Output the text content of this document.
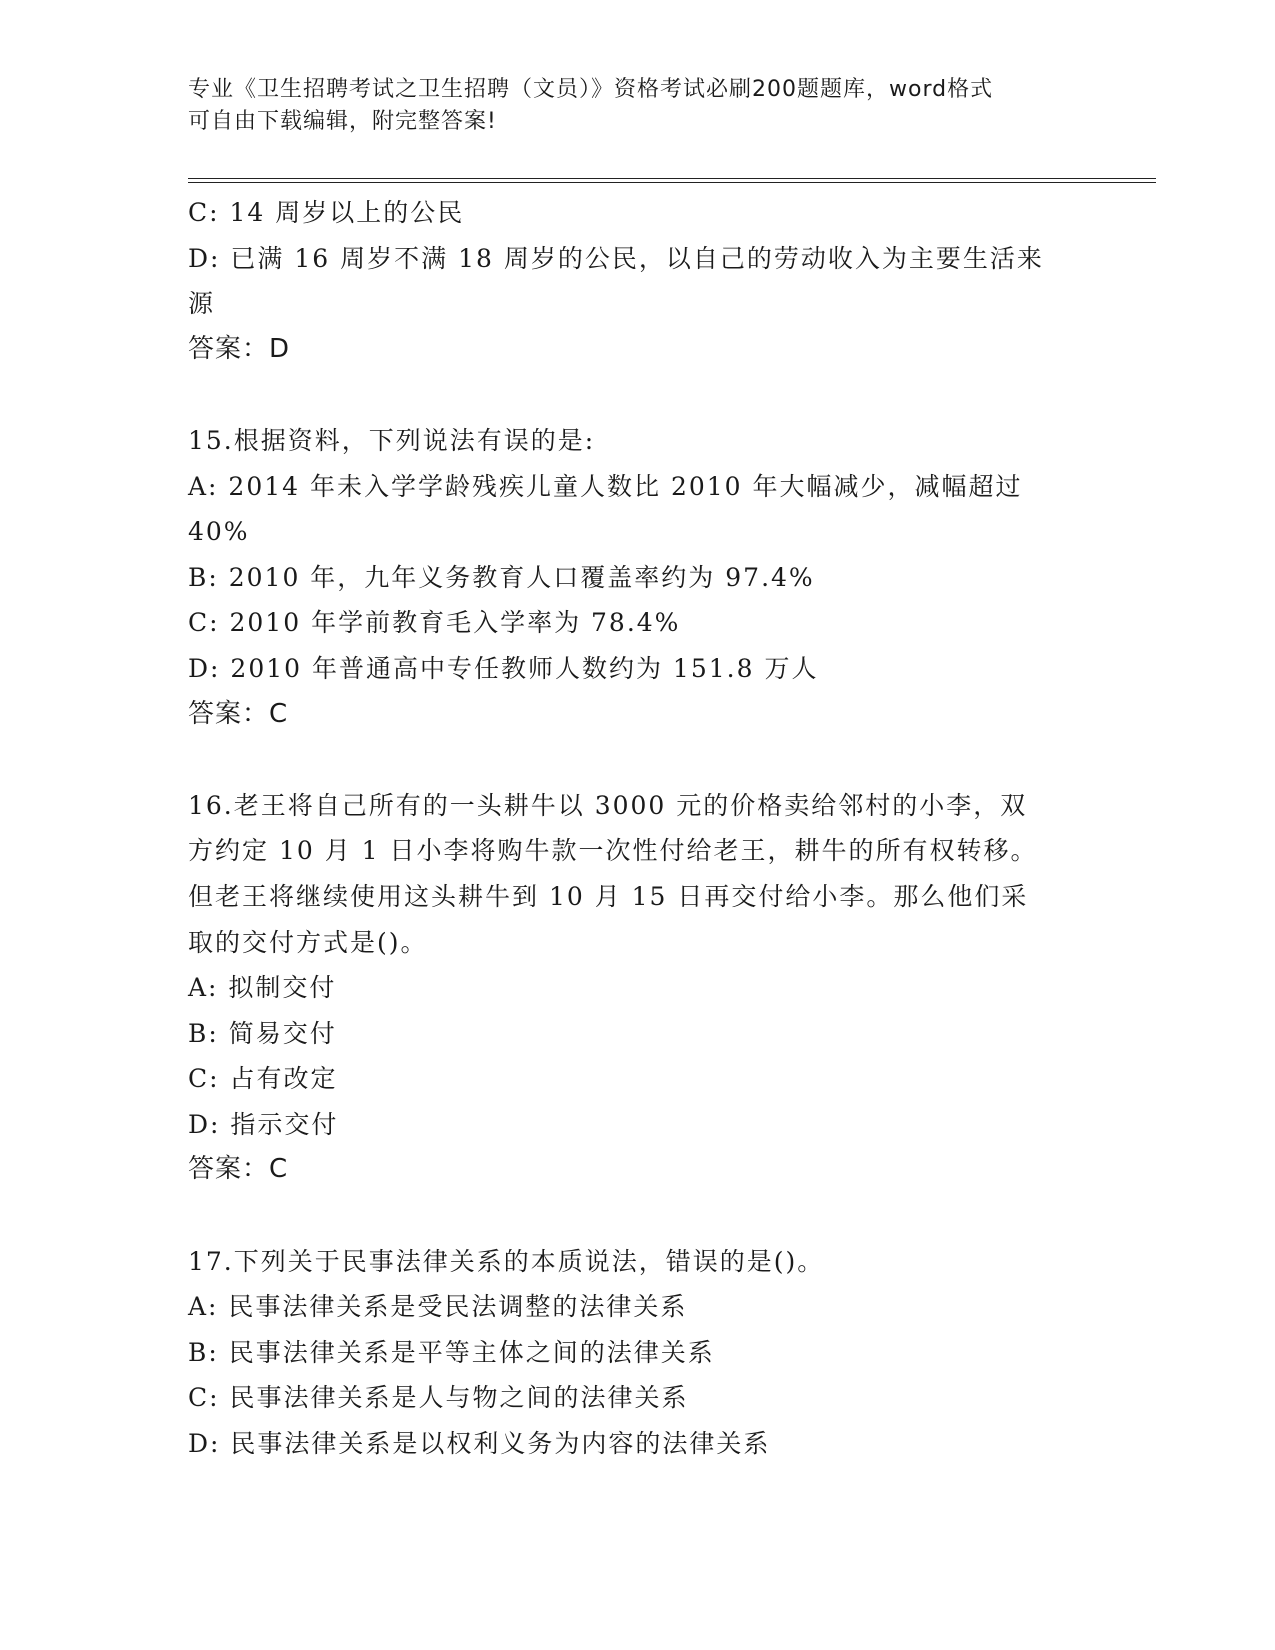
专业《卫生招聘考试之卫生招聘（文员）》资格考试必刷200题题库，word格式
可自由下载编辑，附完整答案!

C: 14 周岁以上的公民

D: 已满 16 周岁不满 18 周岁的公民，以自己的劳动收入为主要生活来

源

答案：D

15.根据资料，下列说法有误的是:

A: 2014 年未入学学龄残疾儿童人数比 2010 年大幅减少，减幅超过

40%

B: 2010 年，九年义务教育人口覆盖率约为 97.4%

C: 2010 年学前教育毛入学率为 78.4%

D: 2010 年普通高中专任教师人数约为 151.8 万人

答案：C

16.老王将自己所有的一头耕牛以 3000 元的价格卖给邻村的小李，双

方约定 10 月 1 日小李将购牛款一次性付给老王，耕牛的所有权转移。

但老王将继续使用这头耕牛到 10 月 15 日再交付给小李。那么他们采

取的交付方式是()。

A: 拟制交付

B: 简易交付

C: 占有改定

D: 指示交付

答案：C

17.下列关于民事法律关系的本质说法，错误的是()。

A: 民事法律关系是受民法调整的法律关系

B: 民事法律关系是平等主体之间的法律关系

C: 民事法律关系是人与物之间的法律关系

D: 民事法律关系是以权利义务为内容的法律关系
